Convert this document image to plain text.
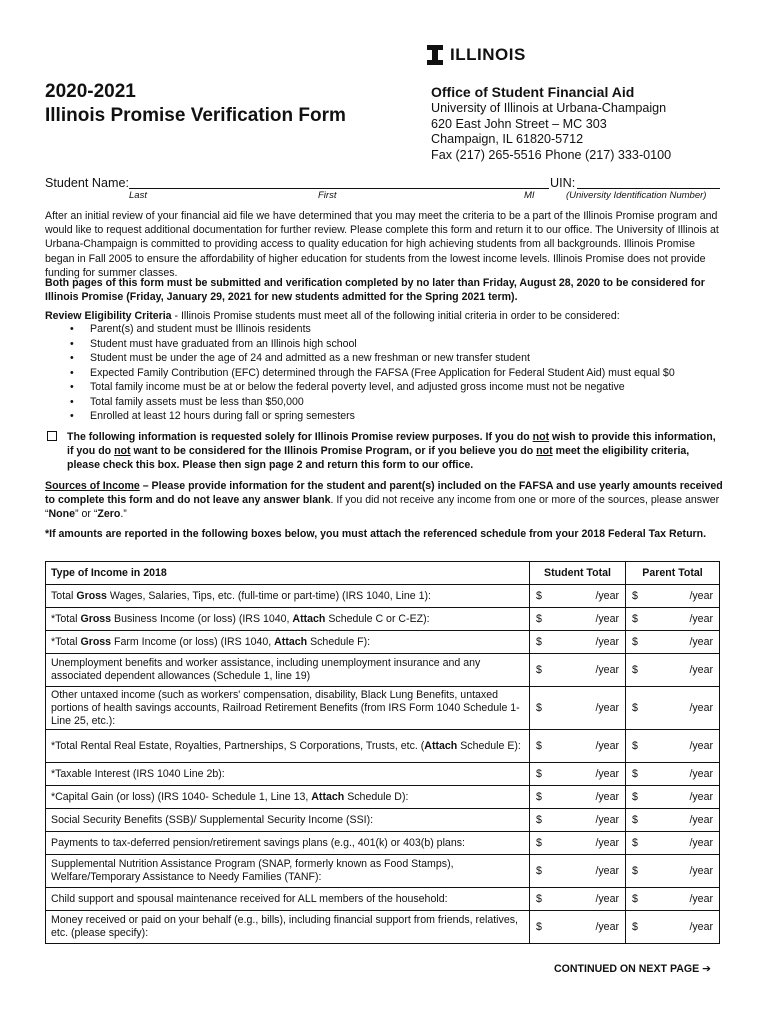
ILLINOIS
2020-2021
Illinois Promise Verification Form
Office of Student Financial Aid
University of Illinois at Urbana-Champaign
620 East John Street – MC 303
Champaign, IL 61820-5712
Fax (217) 265-5516 Phone (217) 333-0100
Student Name:	UIN:
Last	First	MI	(University Identification Number)
After an initial review of your financial aid file we have determined that you may meet the criteria to be a part of the Illinois Promise program and would like to request additional documentation for further review. Please complete this form and return it to our office. The University of Illinois at Urbana-Champaign is committed to providing access to quality education for high achieving students from all backgrounds. Illinois Promise began in Fall 2005 to ensure the affordability of higher education for students from the lowest income levels. Illinois Promise does not provide funding for summer classes.
Both pages of this form must be submitted and verification completed by no later than Friday, August 28, 2020 to be considered for Illinois Promise (Friday, January 29, 2021 for new students admitted for the Spring 2021 term).
Review Eligibility Criteria - Illinois Promise students must meet all of the following initial criteria in order to be considered:
• Parent(s) and student must be Illinois residents
• Student must have graduated from an Illinois high school
• Student must be under the age of 24 and admitted as a new freshman or new transfer student
• Expected Family Contribution (EFC) determined through the FAFSA (Free Application for Federal Student Aid) must equal $0
• Total family income must be at or below the federal poverty level, and adjusted gross income must not be negative
• Total family assets must be less than $50,000
• Enrolled at least 12 hours during fall or spring semesters
The following information is requested solely for Illinois Promise review purposes. If you do not wish to provide this information, if you do not want to be considered for the Illinois Promise Program, or if you believe you do not meet the eligibility criteria, please check this box. Please then sign page 2 and return this form to our office.
Sources of Income – Please provide information for the student and parent(s) included on the FAFSA and use yearly amounts received to complete this form and do not leave any answer blank. If you did not receive any income from one or more of the sources, please answer “None” or “Zero.”
*If amounts are reported in the following boxes below, you must attach the referenced schedule from your 2018 Federal Tax Return.
Type of Income in 2018	Student Total	Parent Total
Total Gross Wages, Salaries, Tips, etc. (full-time or part-time) (IRS 1040, Line 1):	$ /year	$ /year

*Total Gross Business Income (or loss) (IRS 1040, Attach Schedule C or C-EZ):	$ /year	$ /year

*Total Gross Farm Income (or loss) (IRS 1040, Attach Schedule F):	$ /year	$ /year

Unemployment benefits and worker assistance, including unemployment insurance and any associated dependent allowances (Schedule 1, line 19)	$ /year	$ /year

Other untaxed income (such as workers' compensation, disability, Black Lung Benefits, untaxed portions of health savings accounts, Railroad Retirement Benefits (from IRS Form 1040 Schedule 1-Line 25, etc.):	$ /year	$ /year

*Total Rental Real Estate, Royalties, Partnerships, S Corporations, Trusts, etc. (Attach Schedule E):	$ /year	$ /year

*Taxable Interest (IRS 1040 Line 2b):	$ /year	$ /year

*Capital Gain (or loss) (IRS 1040- Schedule 1, Line 13, Attach Schedule D):	$ /year	$ /year

Social Security Benefits (SSB)/ Supplemental Security Income (SSI):	$ /year	$ /year

Payments to tax-deferred pension/retirement savings plans (e.g., 401(k) or 403(b) plans:	$ /year	$ /year

Supplemental Nutrition Assistance Program (SNAP, formerly known as Food Stamps), Welfare/Temporary Assistance to Needy Families (TANF):	$ /year	$ /year

Child support and spousal maintenance received for ALL members of the household:	$ /year	$ /year

Money received or paid on your behalf (e.g., bills), including financial support from friends, relatives, etc. (please specify):	$ /year	$ /year
CONTINUED ON NEXT PAGE ➔
